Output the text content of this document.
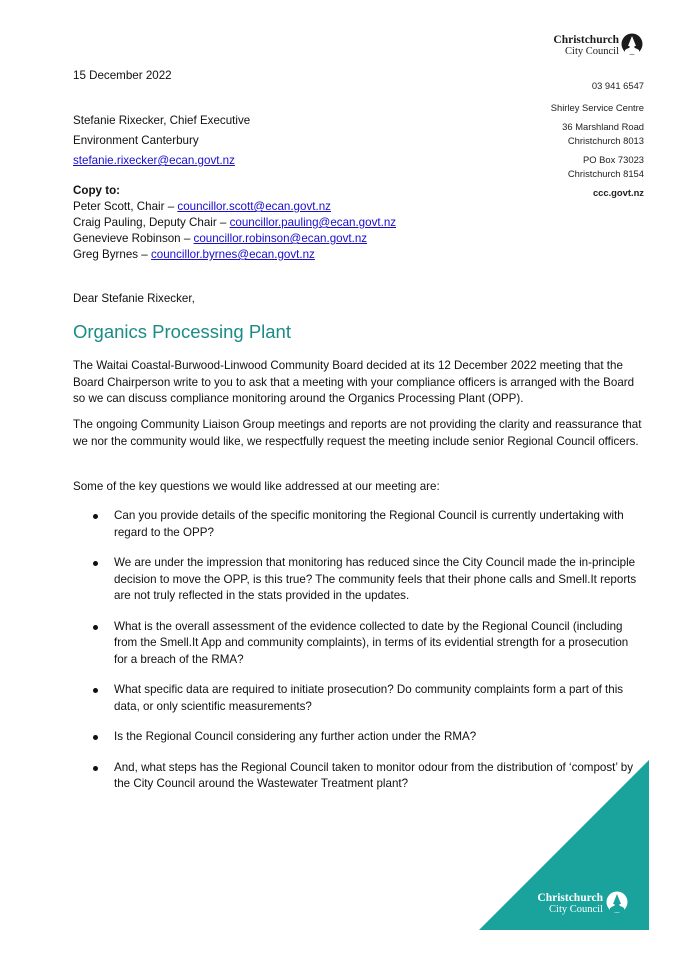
Christchurch
City Council
15 December 2022
03 941 6547
Shirley Service Centre
36 Marshland Road
Christchurch 8013
PO Box 73023
Christchurch 8154
ccc.govt.nz
Stefanie Rixecker, Chief Executive
Environment Canterbury
stefanie.rixecker@ecan.govt.nz
Copy to:
Peter Scott, Chair – councillor.scott@ecan.govt.nz
Craig Pauling, Deputy Chair – councillor.pauling@ecan.govt.nz
Genevieve Robinson – councillor.robinson@ecan.govt.nz
Greg Byrnes – councillor.byrnes@ecan.govt.nz
Dear Stefanie Rixecker,
Organics Processing Plant
The Waitai Coastal-Burwood-Linwood Community Board decided at its 12 December 2022 meeting that the Board Chairperson write to you to ask that a meeting with your compliance officers is arranged with the Board so we can discuss compliance monitoring around the Organics Processing Plant (OPP).
The ongoing Community Liaison Group meetings and reports are not providing the clarity and reassurance that we nor the community would like, we respectfully request the meeting include senior Regional Council officers.
Some of the key questions we would like addressed at our meeting are:
Can you provide details of the specific monitoring the Regional Council is currently undertaking with regard to the OPP?
We are under the impression that monitoring has reduced since the City Council made the in-principle decision to move the OPP, is this true? The community feels that their phone calls and Smell.It reports are not truly reflected in the stats provided in the updates.
What is the overall assessment of the evidence collected to date by the Regional Council (including from the Smell.It App and community complaints), in terms of its evidential strength for a prosecution for a breach of the RMA?
What specific data are required to initiate prosecution? Do community complaints form a part of this data, or only scientific measurements?
Is the Regional Council considering any further action under the RMA?
And, what steps has the Regional Council taken to monitor odour from the distribution of ‘compost’ by the City Council around the Wastewater Treatment plant?
Christchurch
City Council
